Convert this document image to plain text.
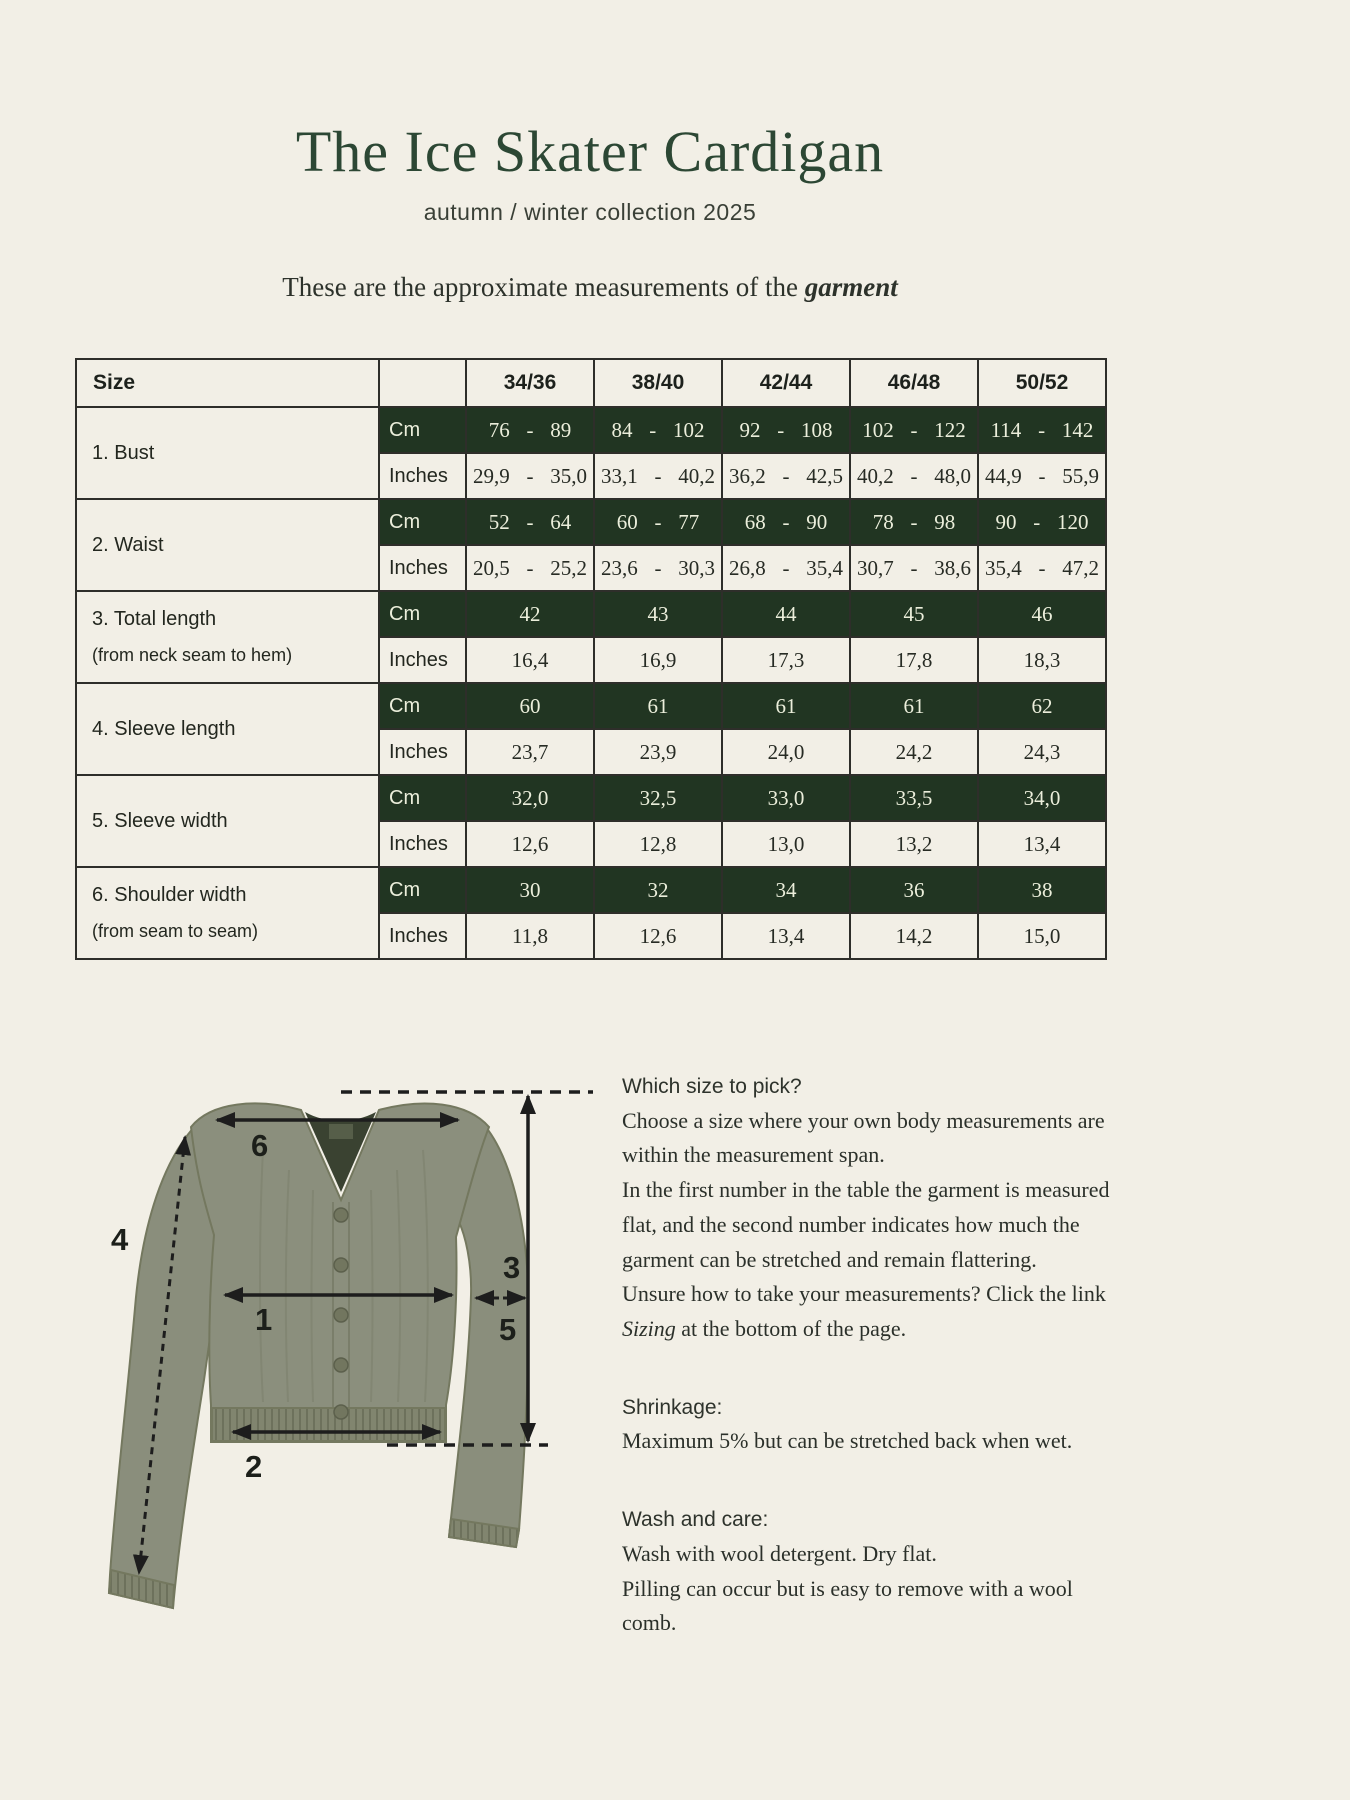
The Ice Skater Cardigan
autumn / winter collection 2025
These are the approximate measurements of the garment
Size		34/36	38/40	42/44	46/48	50/52

1. Bust	Cm	76 - 89	84 - 102	92 - 108	102 - 122	114 - 142
	Inches	29,9 - 35,0	33,1 - 40,2	36,2 - 42,5	40,2 - 48,0	44,9 - 55,9

2. Waist	Cm	52 - 64	60 - 77	68 - 90	78 - 98	90 - 120
	Inches	20,5 - 25,2	23,6 - 30,3	26,8 - 35,4	30,7 - 38,6	35,4 - 47,2

3. Total length
(from neck seam to hem)	Cm	42	43	44	45	46
	Inches	16,4	16,9	17,3	17,8	18,3

4. Sleeve length	Cm	60	61	61	61	62
	Inches	23,7	23,9	24,0	24,2	24,3

5. Sleeve width	Cm	32,0	32,5	33,0	33,5	34,0
	Inches	12,6	12,8	13,0	13,2	13,4

6. Shoulder width
(from seam to seam)	Cm	30	32	34	36	38
	Inches	11,8	12,6	13,4	14,2	15,0
6
3
1	5
4
2
Which size to pick?
Choose a size where your own body measurements are within the measurement span.
In the first number in the table the garment is measured flat, and the second number indicates how much the garment can be stretched and remain flattering.
Unsure how to take your measurements? Click the link Sizing at the bottom of the page.
Shrinkage:
Maximum 5% but can be stretched back when wet.
Wash and care:
Wash with wool detergent. Dry flat.
Pilling can occur but is easy to remove with a wool comb.
